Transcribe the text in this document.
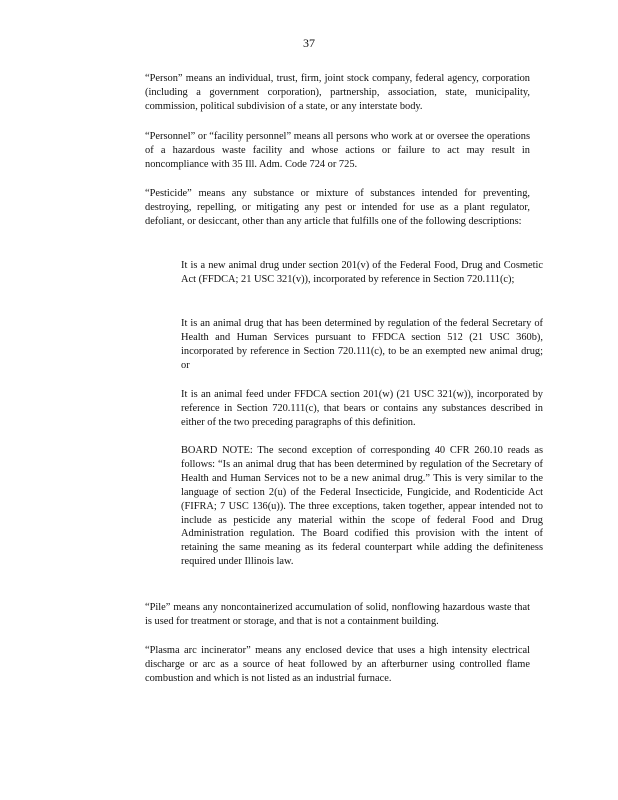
37

“Person” means an individual, trust, firm, joint stock company, federal agency, corporation (including a government corporation), partnership, association, state, municipality, commission, political subdivision of a state, or any interstate body.

“Personnel” or “facility personnel” means all persons who work at or oversee the operations of a hazardous waste facility and whose actions or failure to act may result in noncompliance with 35 Ill. Adm. Code 724 or 725.

“Pesticide” means any substance or mixture of substances intended for preventing, destroying, repelling, or mitigating any pest or intended for use as a plant regulator, defoliant, or desiccant, other than any article that fulfills one of the following descriptions:

It is a new animal drug under section 201(v) of the Federal Food, Drug and Cosmetic Act (FFDCA; 21 USC 321(v)), incorporated by reference in Section 720.111(c);

It is an animal drug that has been determined by regulation of the federal Secretary of Health and Human Services pursuant to FFDCA section 512 (21 USC 360b), incorporated by reference in Section 720.111(c), to be an exempted new animal drug; or

It is an animal feed under FFDCA section 201(w) (21 USC 321(w)), incorporated by reference in Section 720.111(c), that bears or contains any substances described in either of the two preceding paragraphs of this definition.

BOARD NOTE: The second exception of corresponding 40 CFR 260.10 reads as follows: “Is an animal drug that has been determined by regulation of the Secretary of Health and Human Services not to be a new animal drug.” This is very similar to the language of section 2(u) of the Federal Insecticide, Fungicide, and Rodenticide Act (FIFRA; 7 USC 136(u)). The three exceptions, taken together, appear intended not to include as pesticide any material within the scope of federal Food and Drug Administration regulation. The Board codified this provision with the intent of retaining the same meaning as its federal counterpart while adding the definiteness required under Illinois law.

“Pile” means any noncontainerized accumulation of solid, nonflowing hazardous waste that is used for treatment or storage, and that is not a containment building.

“Plasma arc incinerator” means any enclosed device that uses a high intensity electrical discharge or arc as a source of heat followed by an afterburner using controlled flame combustion and which is not listed as an industrial furnace.
